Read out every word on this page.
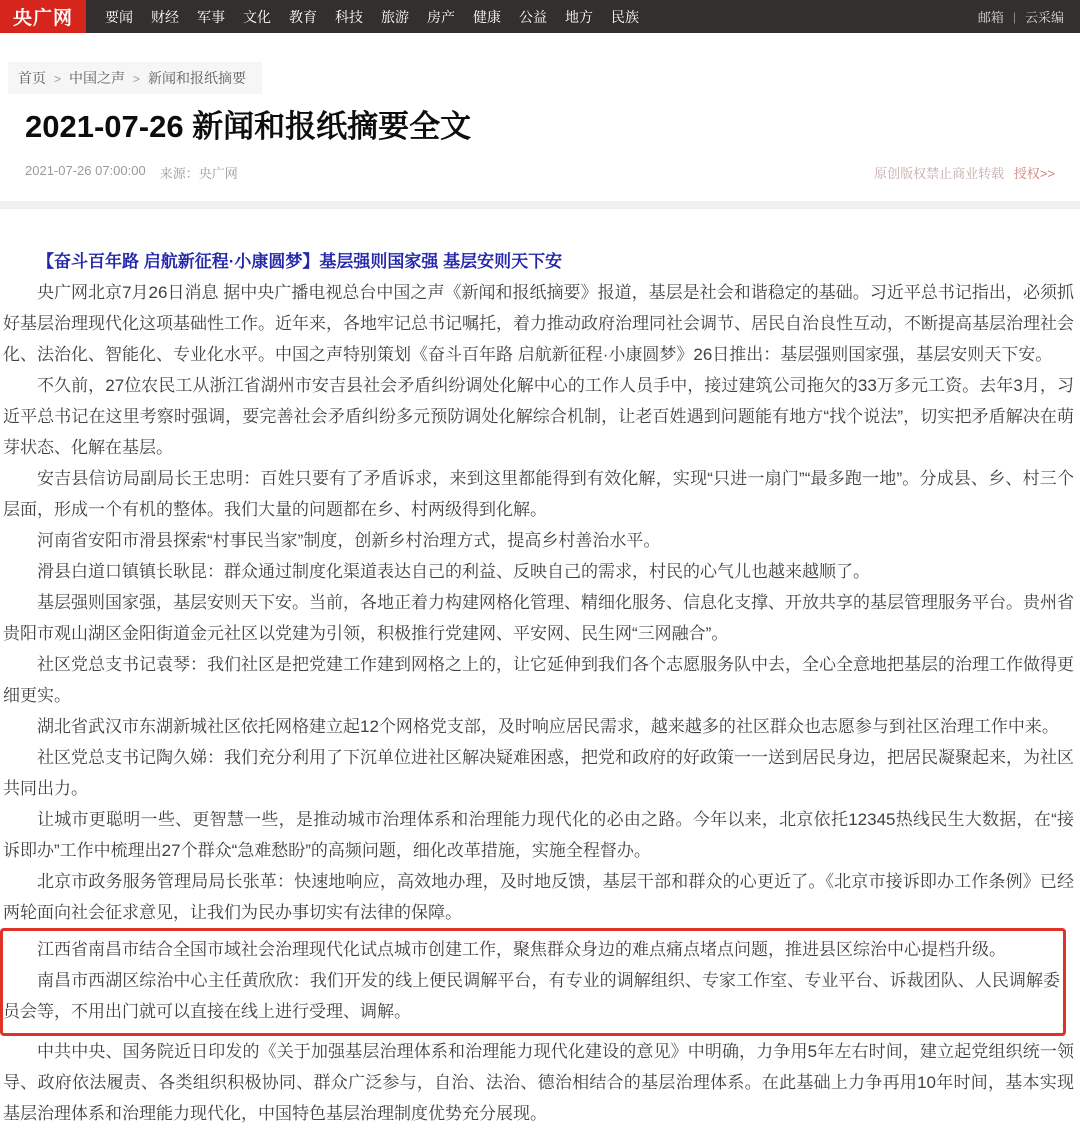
央广网	要闻	财经	军事	文化	教育	科技	旅游	房产	健康	公益	地方	民族	邮箱 | 云采编
首页 > 中国之声 > 新闻和报纸摘要
2021-07-26 新闻和报纸摘要全文
2021-07-26 07:00:00 来源：央广网	原创版权禁止商业转载 授权>>

【奋斗百年路 启航新征程·小康圆梦】基层强则国家强 基层安则天下安

央广网北京7月26日消息 据中央广播电视总台中国之声《新闻和报纸摘要》报道，基层是社会和谐稳定的基础。习近平总书记指出，必须抓好基层治理现代化这项基础性工作。近年来，各地牢记总书记嘱托，着力推动政府治理同社会调节、居民自治良性互动，不断提高基层治理社会化、法治化、智能化、专业化水平。中国之声特别策划《奋斗百年路 启航新征程·小康圆梦》26日推出：基层强则国家强，基层安则天下安。

不久前，27位农民工从浙江省湖州市安吉县社会矛盾纠纷调处化解中心的工作人员手中，接过建筑公司拖欠的33万多元工资。去年3月，习近平总书记在这里考察时强调，要完善社会矛盾纠纷多元预防调处化解综合机制，让老百姓遇到问题能有地方“找个说法”，切实把矛盾解决在萌芽状态、化解在基层。

安吉县信访局副局长王忠明：百姓只要有了矛盾诉求，来到这里都能得到有效化解，实现“只进一扇门”“最多跑一地”。分成县、乡、村三个层面，形成一个有机的整体。我们大量的问题都在乡、村两级得到化解。

河南省安阳市滑县探索“村事民当家”制度，创新乡村治理方式，提高乡村善治水平。

滑县白道口镇镇长耿昆：群众通过制度化渠道表达自己的利益、反映自己的需求，村民的心气儿也越来越顺了。

基层强则国家强，基层安则天下安。当前，各地正着力构建网格化管理、精细化服务、信息化支撑、开放共享的基层管理服务平台。贵州省贵阳市观山湖区金阳街道金元社区以党建为引领，积极推行党建网、平安网、民生网“三网融合”。

社区党总支书记袁琴：我们社区是把党建工作建到网格之上的，让它延伸到我们各个志愿服务队中去，全心全意地把基层的治理工作做得更细更实。

湖北省武汉市东湖新城社区依托网格建立起12个网格党支部，及时响应居民需求，越来越多的社区群众也志愿参与到社区治理工作中来。

社区党总支书记陶久娣：我们充分利用了下沉单位进社区解决疑难困惑，把党和政府的好政策一一送到居民身边，把居民凝聚起来，为社区共同出力。

让城市更聪明一些、更智慧一些，是推动城市治理体系和治理能力现代化的必由之路。今年以来，北京依托12345热线民生大数据，在“接诉即办”工作中梳理出27个群众“急难愁盼”的高频问题，细化改革措施，实施全程督办。

北京市政务服务管理局局长张革：快速地响应，高效地办理，及时地反馈，基层干部和群众的心更近了。《北京市接诉即办工作条例》已经两轮面向社会征求意见，让我们为民办事切实有法律的保障。

江西省南昌市结合全国市域社会治理现代化试点城市创建工作，聚焦群众身边的难点痛点堵点问题，推进县区综治中心提档升级。

南昌市西湖区综治中心主任黄欣欣：我们开发的线上便民调解平台，有专业的调解组织、专家工作室、专业平台、诉裁团队、人民调解委员会等，不用出门就可以直接在线上进行受理、调解。

中共中央、国务院近日印发的《关于加强基层治理体系和治理能力现代化建设的意见》中明确，力争用5年左右时间，建立起党组织统一领导、政府依法履责、各类组织积极协同、群众广泛参与，自治、法治、德治相结合的基层治理体系。在此基础上力争再用10年时间，基本实现基层治理体系和治理能力现代化，中国特色基层治理制度优势充分展现。
